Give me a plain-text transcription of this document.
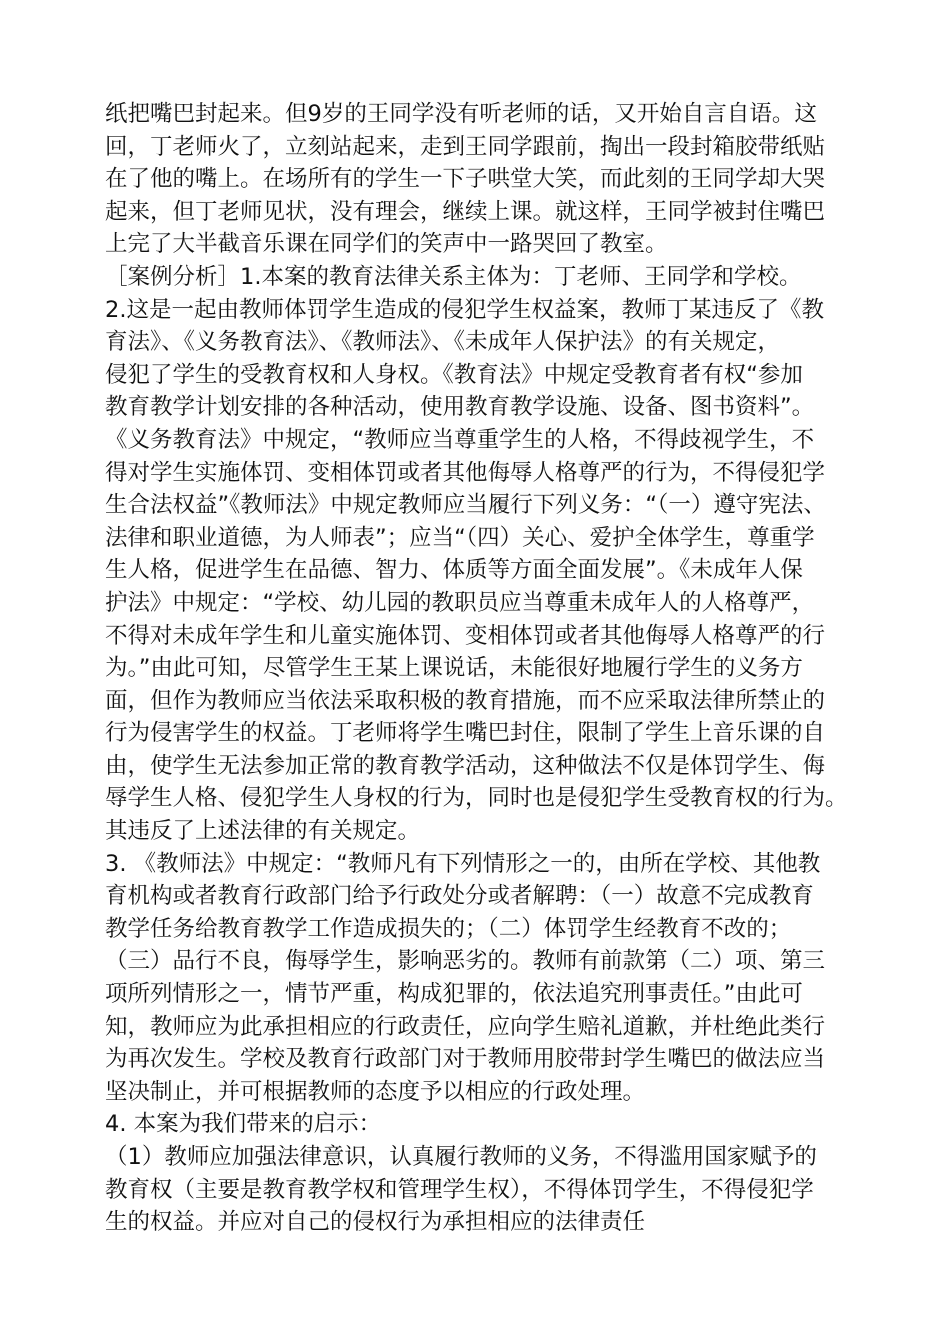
纸把嘴巴封起来。但9岁的王同学没有听老师的话，又开始自言自语。这
回，丁老师火了，立刻站起来，走到王同学跟前，掏出一段封箱胶带纸贴
在了他的嘴上。在场所有的学生一下子哄堂大笑，而此刻的王同学却大哭
起来，但丁老师见状，没有理会，继续上课。就这样，王同学被封住嘴巴
上完了大半截音乐课在同学们的笑声中一路哭回了教室。
［案例分析］1.本案的教育法律关系主体为：丁老师、王同学和学校。
2.这是一起由教师体罚学生造成的侵犯学生权益案，教师丁某违反了《教
育法》、《义务教育法》、《教师法》、《未成年人保护法》的有关规定，
侵犯了学生的受教育权和人身权。《教育法》中规定受教育者有权“参加
教育教学计划安排的各种活动，使用教育教学设施、设备、图书资料”。
《义务教育法》中规定，“教师应当尊重学生的人格，不得歧视学生，不
得对学生实施体罚、变相体罚或者其他侮辱人格尊严的行为，不得侵犯学
生合法权益”《教师法》中规定教师应当履行下列义务：“（一）遵守宪法、
法律和职业道德，为人师表”；应当“（四）关心、爱护全体学生，尊重学
生人格，促进学生在品德、智力、体质等方面全面发展”。《未成年人保
护法》中规定：“学校、幼儿园的教职员应当尊重未成年人的人格尊严，
不得对未成年学生和儿童实施体罚、变相体罚或者其他侮辱人格尊严的行
为。”由此可知，尽管学生王某上课说话，未能很好地履行学生的义务方
面，但作为教师应当依法采取积极的教育措施，而不应采取法律所禁止的
行为侵害学生的权益。丁老师将学生嘴巴封住，限制了学生上音乐课的自
由，使学生无法参加正常的教育教学活动，这种做法不仅是体罚学生、侮
辱学生人格、侵犯学生人身权的行为，同时也是侵犯学生受教育权的行为。
其违反了上述法律的有关规定。
3. 《教师法》中规定：“教师凡有下列情形之一的，由所在学校、其他教
育机构或者教育行政部门给予行政处分或者解聘：（一）故意不完成教育
教学任务给教育教学工作造成损失的；（二）体罚学生经教育不改的；
（三）品行不良，侮辱学生，影响恶劣的。教师有前款第（二）项、第三
项所列情形之一，情节严重，构成犯罪的，依法追究刑事责任。”由此可
知，教师应为此承担相应的行政责任，应向学生赔礼道歉，并杜绝此类行
为再次发生。学校及教育行政部门对于教师用胶带封学生嘴巴的做法应当
坚决制止，并可根据教师的态度予以相应的行政处理。
4. 本案为我们带来的启示：
（1）教师应加强法律意识，认真履行教师的义务，不得滥用国家赋予的
教育权（主要是教育教学权和管理学生权），不得体罚学生，不得侵犯学
生的权益。并应对自己的侵权行为承担相应的法律责任
